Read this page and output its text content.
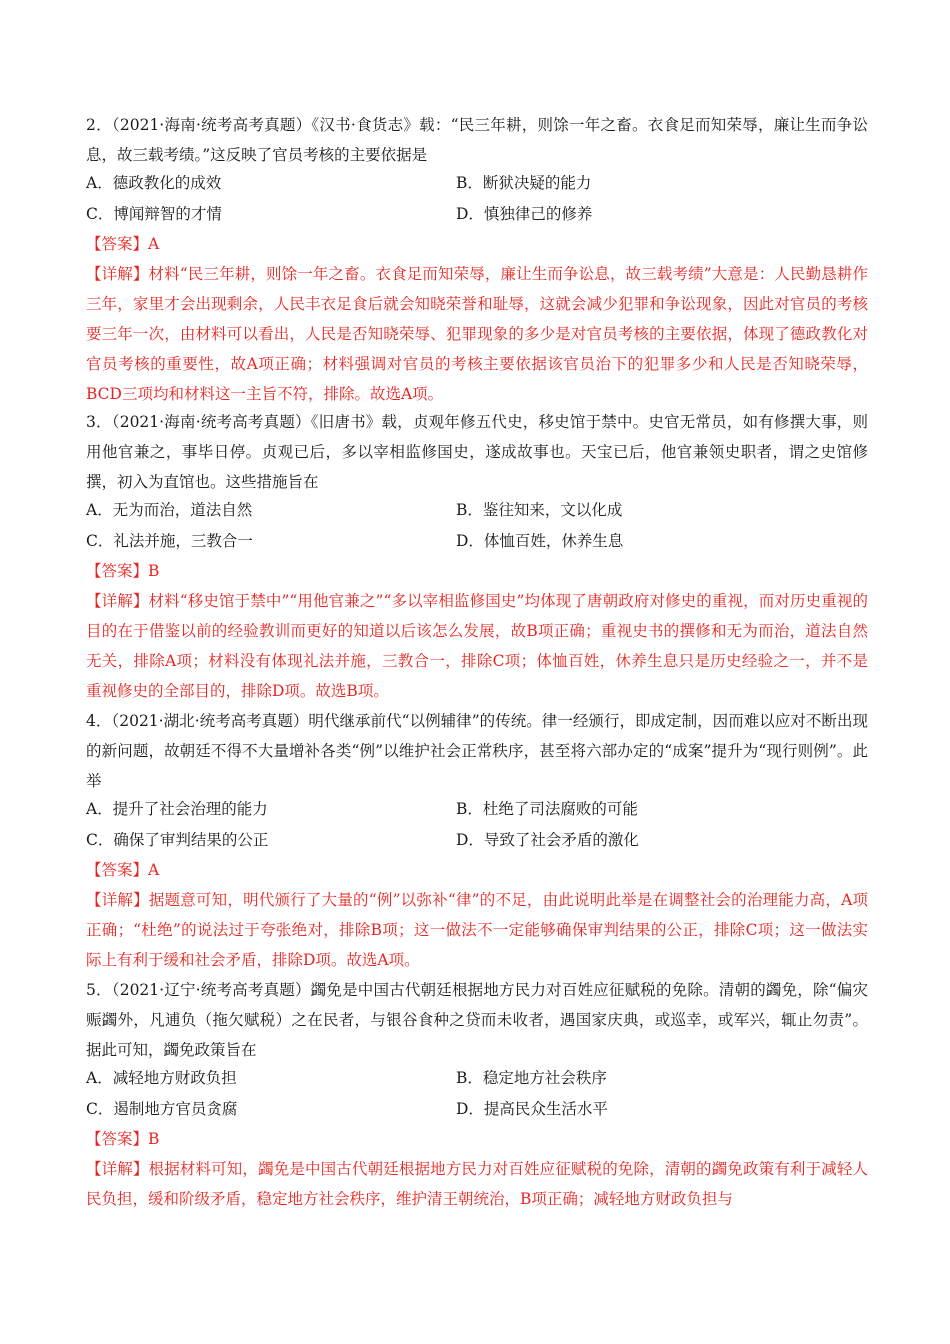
2．（2021·海南·统考高考真题）《汉书·食货志》载：“民三年耕，则馀一年之畜。衣食足而知荣辱，廉让生而争讼息，故三载考绩。”这反映了官员考核的主要依据是
A．德政教化的成效	B．断狱决疑的能力
C．博闻辩智的才情	D．慎独律己的修养
【答案】A
【详解】材料“民三年耕，则馀一年之畜。衣食足而知荣辱，廉让生而争讼息，故三载考绩”大意是：人民勤恳耕作三年，家里才会出现剩余，人民丰衣足食后就会知晓荣誉和耻辱，这就会减少犯罪和争讼现象，因此对官员的考核要三年一次，由材料可以看出，人民是否知晓荣辱、犯罪现象的多少是对官员考核的主要依据，体现了德政教化对官员考核的重要性，故A项正确；材料强调对官员的考核主要依据该官员治下的犯罪多少和人民是否知晓荣辱，BCD三项均和材料这一主旨不符，排除。故选A项。
3．（2021·海南·统考高考真题）《旧唐书》载，贞观年修五代史，移史馆于禁中。史官无常员，如有修撰大事，则用他官兼之，事毕日停。贞观已后，多以宰相监修国史，遂成故事也。天宝已后，他官兼领史职者，谓之史馆修撰，初入为直馆也。这些措施旨在
A．无为而治，道法自然	B．鉴往知来，文以化成
C．礼法并施，三教合一	D．体恤百姓，休养生息
【答案】B
【详解】材料“移史馆于禁中”“用他官兼之”“多以宰相监修国史”均体现了唐朝政府对修史的重视，而对历史重视的目的在于借鉴以前的经验教训而更好的知道以后该怎么发展，故B项正确；重视史书的撰修和无为而治，道法自然无关，排除A项；材料没有体现礼法并施，三教合一，排除C项；体恤百姓，休养生息只是历史经验之一，并不是重视修史的全部目的，排除D项。故选B项。
4．（2021·湖北·统考高考真题）明代继承前代“以例辅律”的传统。律一经颁行，即成定制，因而难以应对不断出现的新问题，故朝廷不得不大量增补各类“例”以维护社会正常秩序，甚至将六部办定的“成案”提升为“现行则例”。此举
A．提升了社会治理的能力	B．杜绝了司法腐败的可能
C．确保了审判结果的公正	D．导致了社会矛盾的激化
【答案】A
【详解】据题意可知，明代颁行了大量的“例”以弥补“律”的不足，由此说明此举是在调整社会的治理能力高，A项正确；“杜绝”的说法过于夸张绝对，排除B项；这一做法不一定能够确保审判结果的公正，排除C项；这一做法实际上有利于缓和社会矛盾，排除D项。故选A项。
5．（2021·辽宁·统考高考真题）蠲免是中国古代朝廷根据地方民力对百姓应征赋税的免除。清朝的蠲免，除“偏灾赈蠲外，凡逋负（拖欠赋税）之在民者，与银谷食种之贷而未收者，遇国家庆典，或巡幸，或军兴，辄止勿责”。据此可知，蠲免政策旨在
A．减轻地方财政负担	B．稳定地方社会秩序
C．遏制地方官员贪腐	D．提高民众生活水平
【答案】B
【详解】根据材料可知，蠲免是中国古代朝廷根据地方民力对百姓应征赋税的免除，清朝的蠲免政策有利于减轻人民负担，缓和阶级矛盾，稳定地方社会秩序，维护清王朝统治，B项正确；减轻地方财政负担与
